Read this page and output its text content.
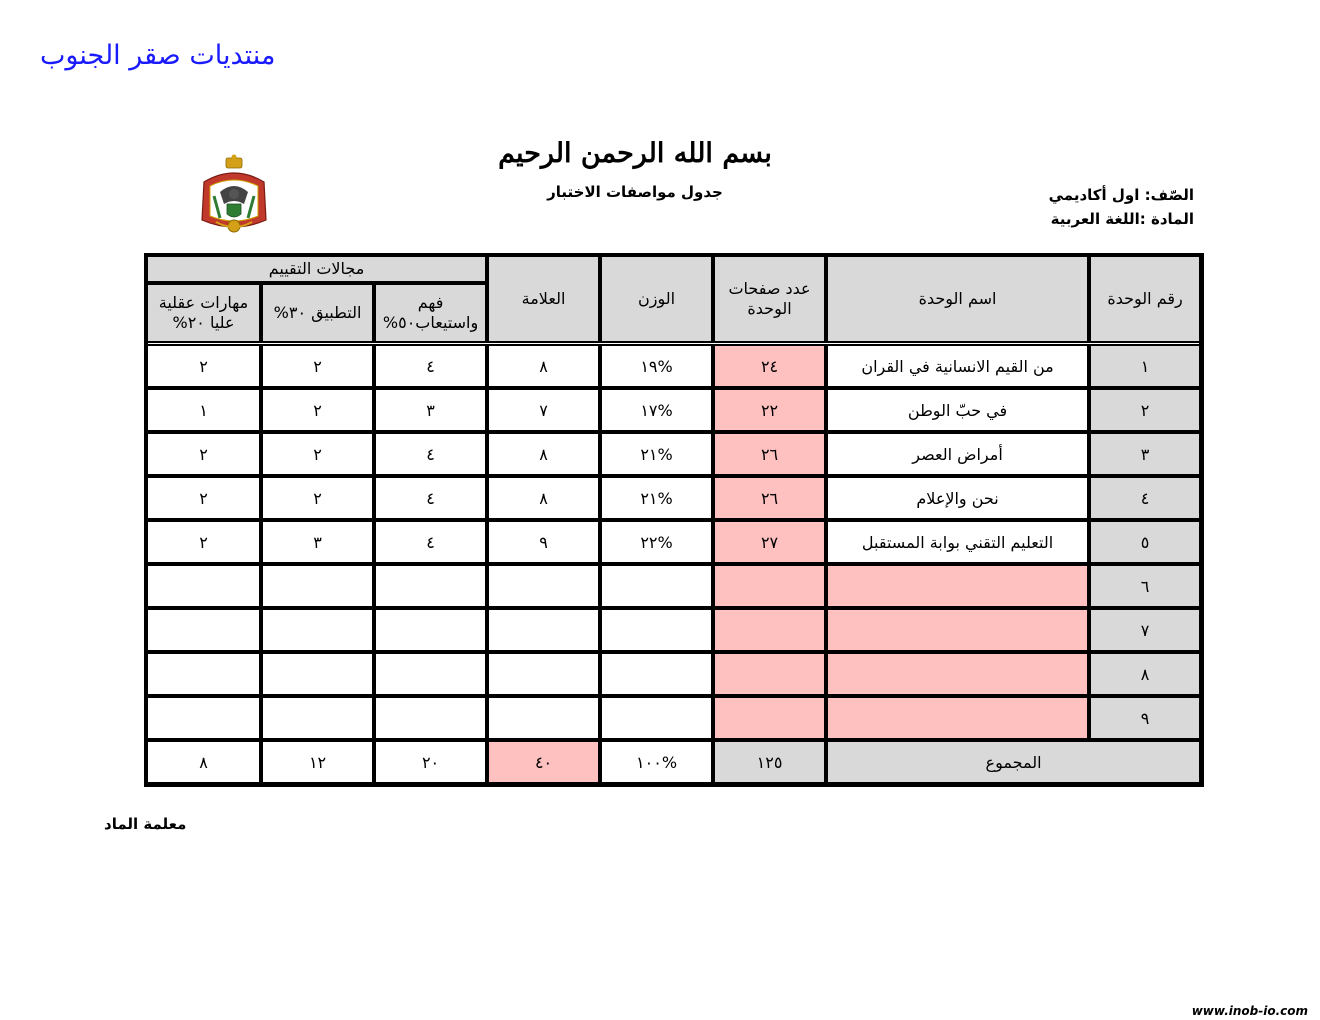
منتديات صقر الجنوب
بسم الله الرحمن الرحيم
جدول مواصفات الاختبار	الصّف: اول أكاديمي
المادة :اللغة العربية
رقم الوحدة	اسم الوحدة	عدد صفحات الوحدة	الوزن	العلامة	مجالات التقييم		
					فهم واستيعاب٥٠%	التطبيق ٣٠%	مهارات عقلية عليا ٢٠%

١	من القيم الانسانية في القران	٢٤	%١٩	٨	٤	٢	٢
٢	في حبّ الوطن	٢٢	%١٧	٧	٣	٢	١
٣	أمراض العصر	٢٦	%٢١	٨	٤	٢	٢
٤	نحن والإعلام	٢٦	%٢١	٨	٤	٢	٢
٥	التعليم التقني بوابة المستقبل	٢٧	%٢٢	٩	٤	٣	٢
٦							
٧							
٨							
٩							
المجموع		١٢٥	%١٠٠	٤٠	٢٠	١٢	٨
معلمة الماد
www.inob-io.com
